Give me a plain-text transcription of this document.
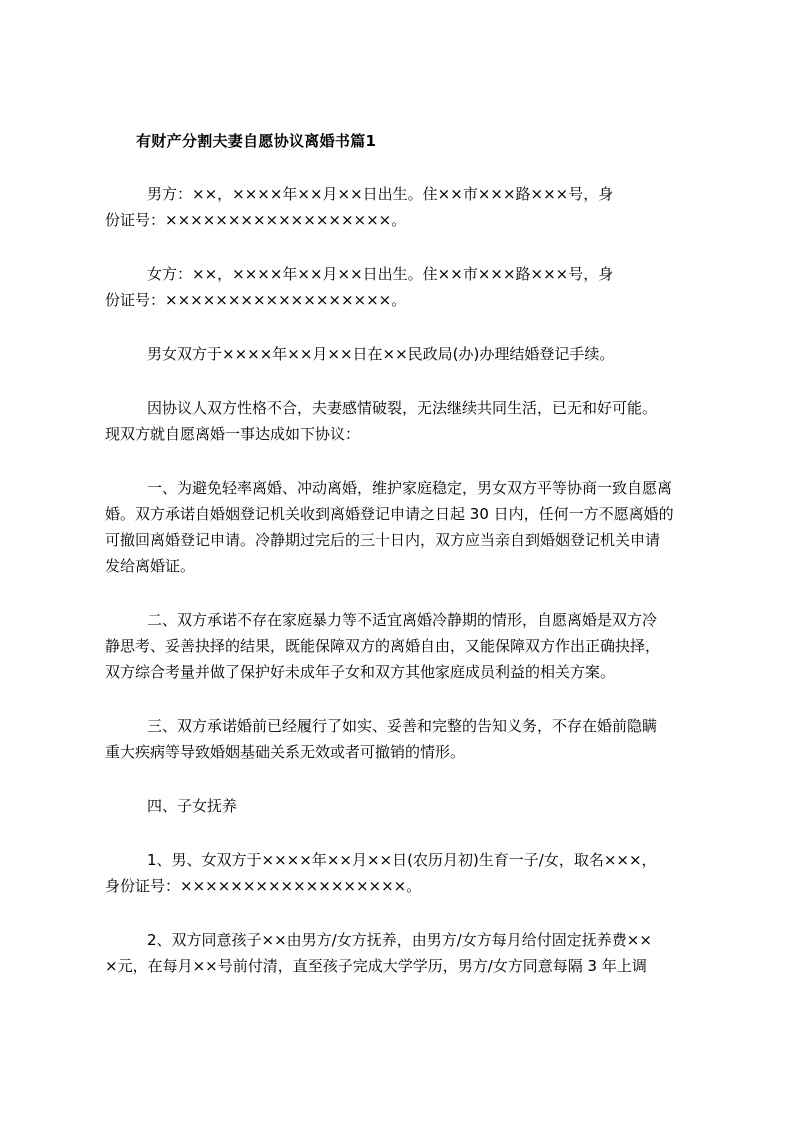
有财产分割夫妻自愿协议离婚书篇1
男方：××，××××年××月××日出生。住××市×××路×××号，身
份证号：××××××××××××××××××。
女方：××，××××年××月××日出生。住××市×××路×××号，身
份证号：××××××××××××××××××。
男女双方于××××年××月××日在××民政局(办)办理结婚登记手续。
因协议人双方性格不合，夫妻感情破裂，无法继续共同生活，已无和好可能。
现双方就自愿离婚一事达成如下协议：
一、为避免轻率离婚、冲动离婚，维护家庭稳定，男女双方平等协商一致自愿离
婚。双方承诺自婚姻登记机关收到离婚登记申请之日起 30 日内，任何一方不愿离婚的
可撤回离婚登记申请。冷静期过完后的三十日内，双方应当亲自到婚姻登记机关申请
发给离婚证。
二、双方承诺不存在家庭暴力等不适宜离婚冷静期的情形，自愿离婚是双方冷
静思考、妥善抉择的结果，既能保障双方的离婚自由，又能保障双方作出正确抉择，
双方综合考量并做了保护好未成年子女和双方其他家庭成员利益的相关方案。
三、双方承诺婚前已经履行了如实、妥善和完整的告知义务，不存在婚前隐瞒
重大疾病等导致婚姻基础关系无效或者可撤销的情形。
四、子女抚养
1、男、女双方于××××年××月××日(农历月初)生育一子/女，取名×××，
身份证号：××××××××××××××××××。
2、双方同意孩子××由男方/女方抚养，由男方/女方每月给付固定抚养费××
×元，在每月××号前付清，直至孩子完成大学学历，男方/女方同意每隔 3 年上调
